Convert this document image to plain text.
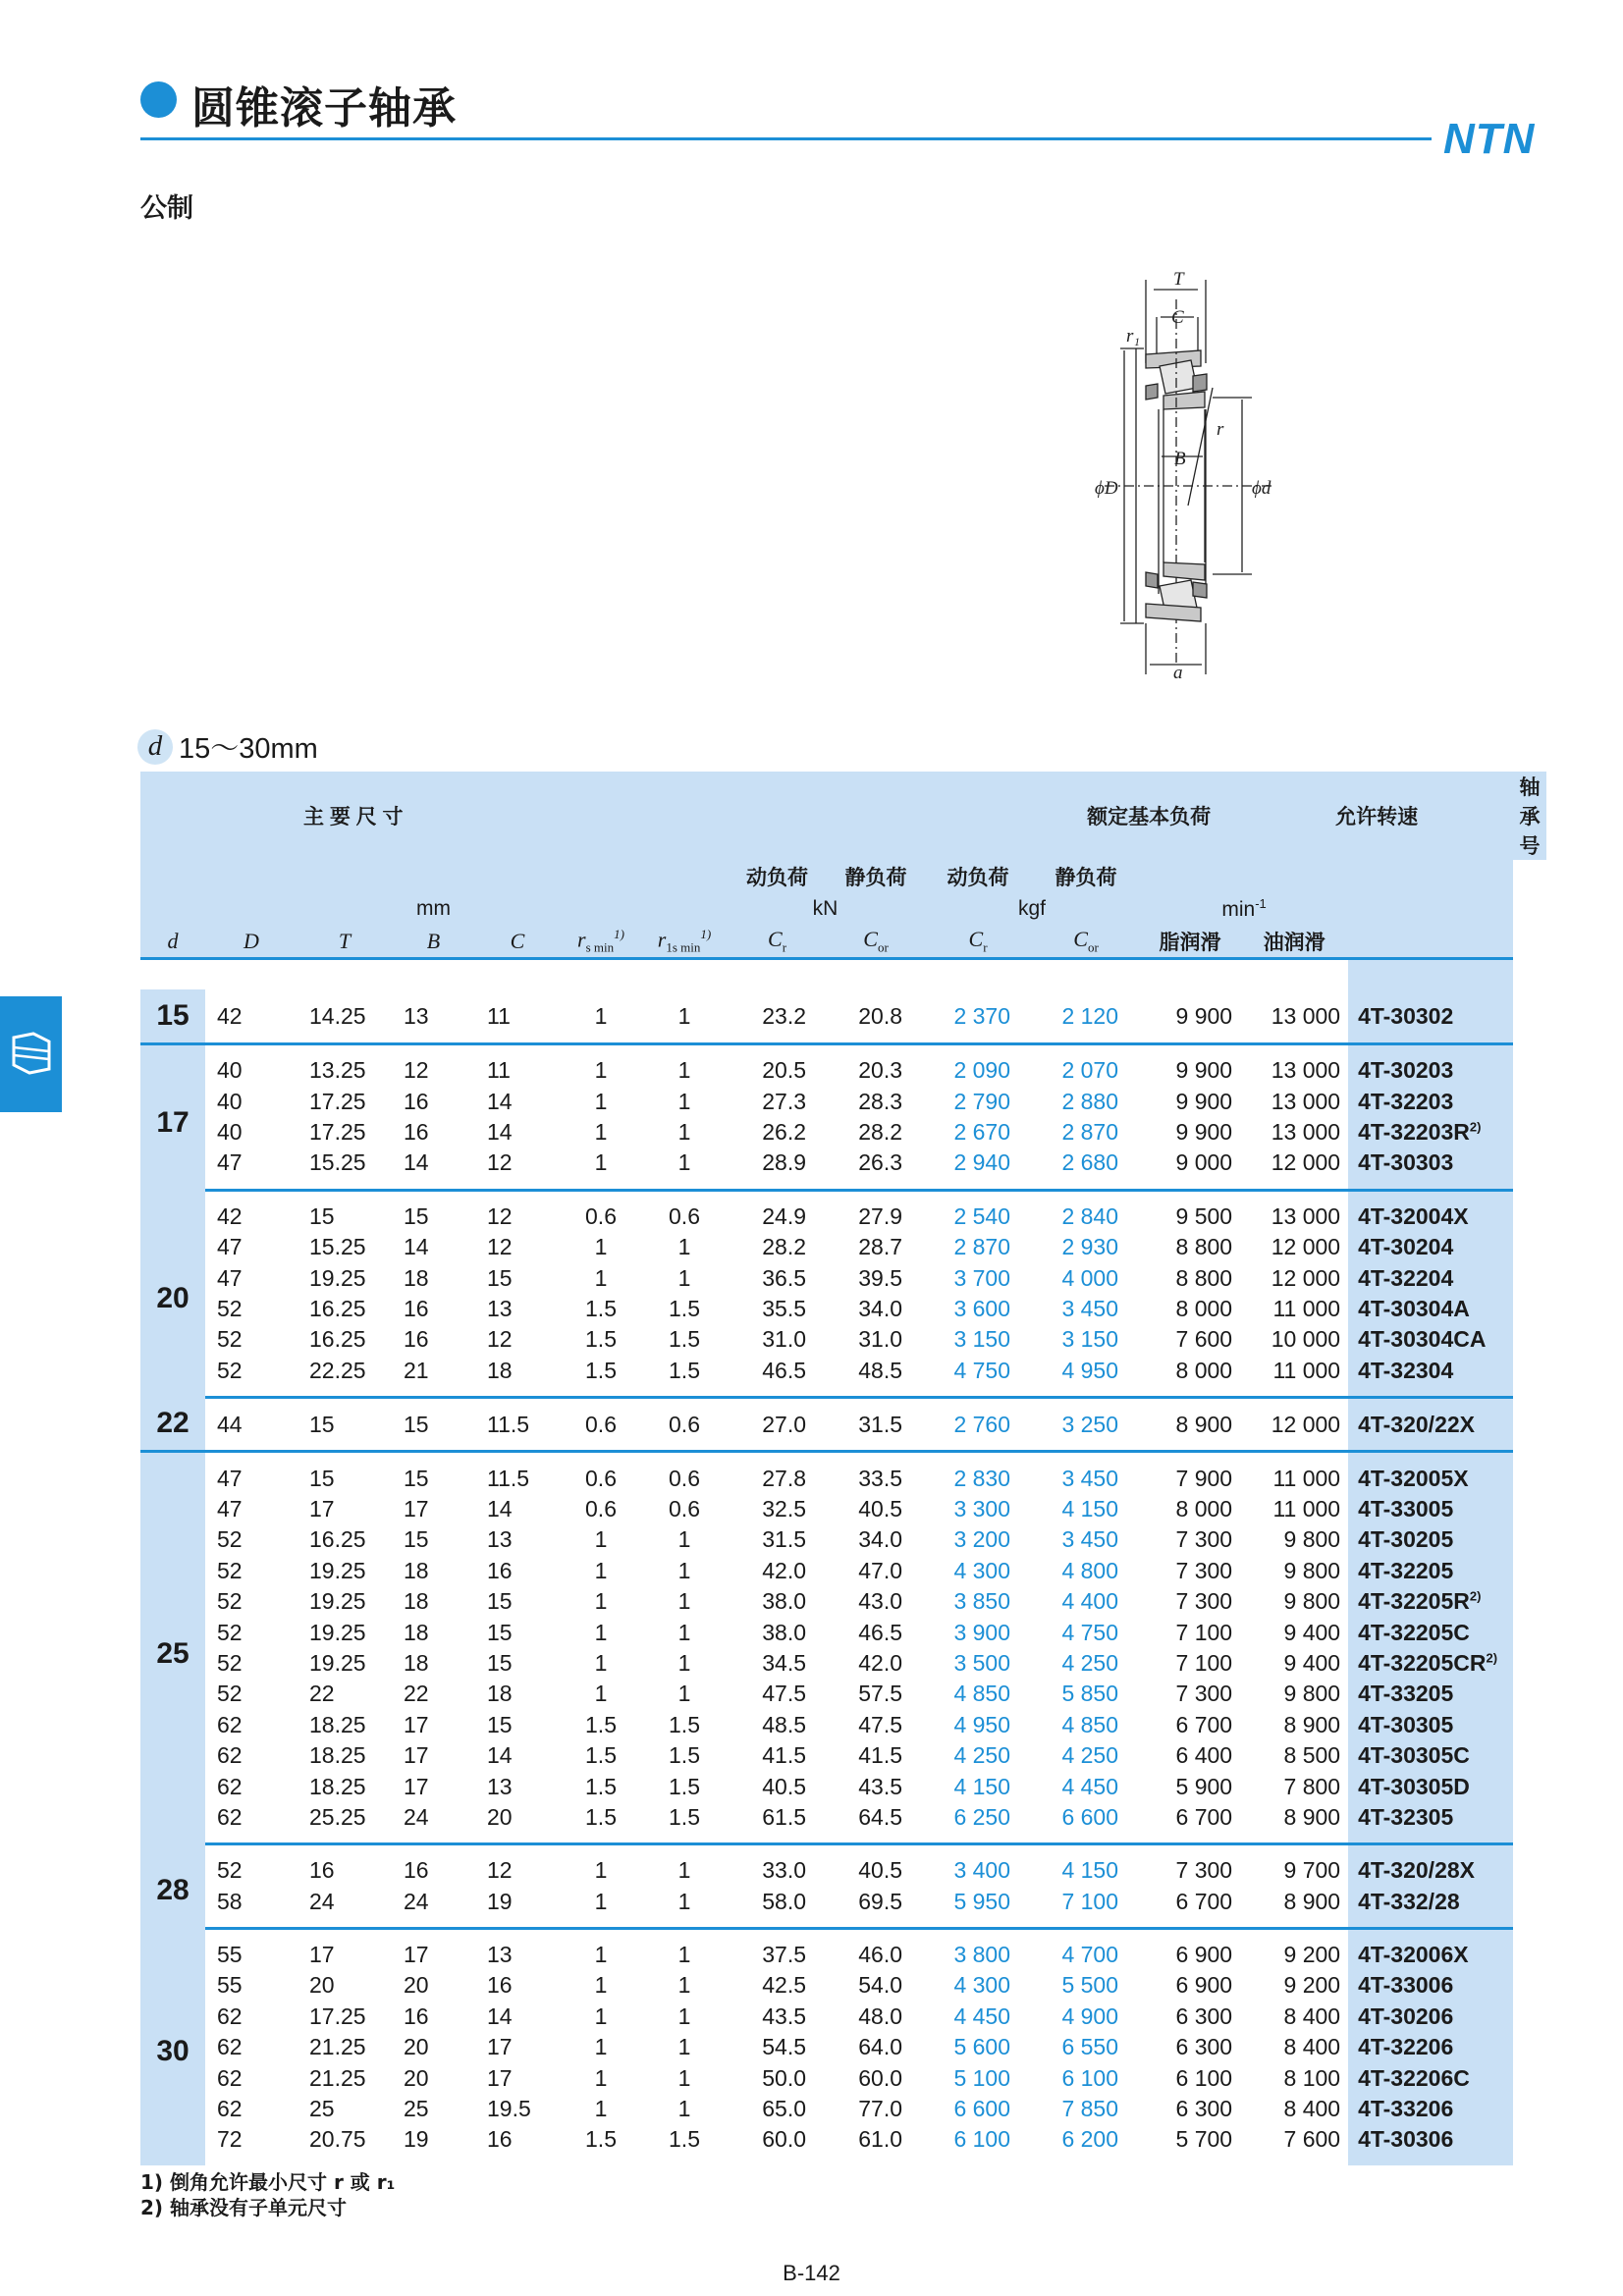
圆锥滚子轴承
NTN
公制
T
C
r₁
r
B
ϕD	ϕd
a
d 15～30mm
	主 要 尺 寸						额定基本负荷					允许转速		轴承号
							动负荷	静负荷	动负荷	静负荷				
			mm				kN		kgf		$\min^{-1}$	
d	D	T	B	C	$r_{s min}^{1)}$	$r_{1s min}^{1)}$	$C_r$	$C_{or}$	$C_r$	$C_{or}$	脂润滑	油润滑		

15	42	14.25	13	11	1	1	23.2	20.8	2 370	2 120	9 900	13 000	4T-30302	
17	40	13.25	12	11	1	1	20.5	20.3	2 090	2 070	9 900	13 000	4T-30203	
	40	17.25	16	14	1	1	27.3	28.3	2 790	2 880	9 900	13 000	4T-32203	
	40	17.25	16	14	1	1	26.2	28.2	2 670	2 870	9 900	13 000	$4T-32203R^{2)}$
	47	15.25	14	12	1	1	28.9	26.3	2 940	2 680	9 000	12 000	4T-30303	
20	42	15	15	12	0.6	0.6	24.9	27.9	2 540	2 840	9 500	13 000	4T-32004X	
	47	15.25	14	12	1	1	28.2	28.7	2 870	2 930	8 800	12 000	4T-30204	
	47	19.25	18	15	1	1	36.5	39.5	3 700	4 000	8 800	12 000	4T-32204	
	52	16.25	16	13	1.5	1.5	35.5	34.0	3 600	3 450	8 000	11 000	4T-30304A	
	52	16.25	16	12	1.5	1.5	31.0	31.0	3 150	3 150	7 600	10 000	4T-30304CA	
	52	22.25	21	18	1.5	1.5	46.5	48.5	4 750	4 950	8 000	11 000	4T-32304	
22	44	15	15	11.5	0.6	0.6	27.0	31.5	2 760	3 250	8 900	12 000	4T-320/22X	
25	47	15	15	11.5	0.6	0.6	27.8	33.5	2 830	3 450	7 900	11 000	4T-32005X	
	47	17	17	14	0.6	0.6	32.5	40.5	3 300	4 150	8 000	11 000	4T-33005	
	52	16.25	15	13	1	1	31.5	34.0	3 200	3 450	7 300	9 800	4T-30205	
	52	19.25	18	16	1	1	42.0	47.0	4 300	4 800	7 300	9 800	4T-32205	
	52	19.25	18	15	1	1	38.0	43.0	3 850	4 400	7 300	9 800	$4T-32205R^{2)}$
	52	19.25	18	15	1	1	38.0	46.5	3 900	4 750	7 100	9 400	4T-32205C	
	52	19.25	18	15	1	1	34.5	42.0	3 500	4 250	7 100	9 400	4T-32205CR$^{2)}$
	52	22	22	18	1	1	47.5	57.5	4 850	5 850	7 300	9 800	4T-33205	
	62	18.25	17	15	1.5	1.5	48.5	47.5	4 950	4 850	6 700	8 900	4T-30305	
	62	18.25	17	14	1.5	1.5	41.5	41.5	4 250	4 250	6 400	8 500	4T-30305C	
	62	18.25	17	13	1.5	1.5	40.5	43.5	4 150	4 450	5 900	7 800	4T-30305D	
	62	25.25	24	20	1.5	1.5	61.5	64.5	6 250	6 600	6 700	8 900	4T-32305	
28	52	16	16	12	1	1	33.0	40.5	3 400	4 150	7 300	9 700	4T-320/28X	
	58	24	24	19	1	1	58.0	69.5	5 950	7 100	6 700	8 900	4T-332/28	
30	55	17	17	13	1	1	37.5	46.0	3 800	4 700	6 900	9 200	4T-32006X	
	55	20	20	16	1	1	42.5	54.0	4 300	5 500	6 900	9 200	4T-33006	
	62	17.25	16	14	1	1	43.5	48.0	4 450	4 900	6 300	8 400	4T-30206	
	62	21.25	20	17	1	1	54.5	64.0	5 600	6 550	6 300	8 400	4T-32206	
	62	21.25	20	17	1	1	50.0	60.0	5 100	6 100	6 100	8 100	4T-32206C	
	62	25	25	19.5	1	1	65.0	77.0	6 600	7 850	6 300	8 400	4T-33206	
	72	20.75	19	16	1.5	1.5	60.0	61.0	6 100	6 200	5 700	7 600	4T-30306	
1) 倒角允许最小尺寸 r 或 r₁
2) 轴承没有子单元尺寸
B-142
